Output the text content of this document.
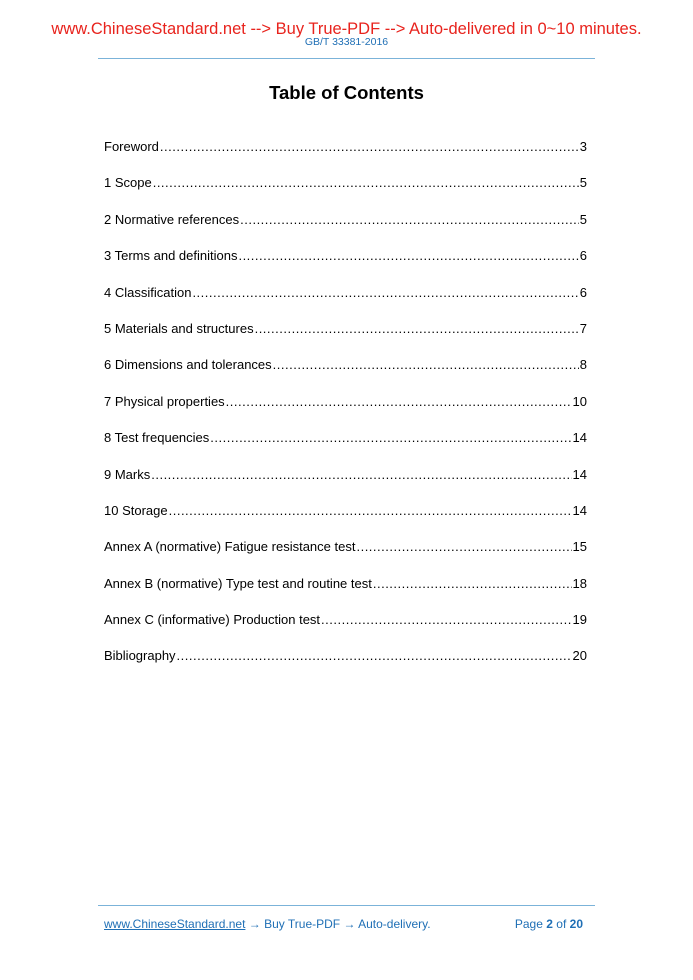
www.ChineseStandard.net --> Buy True-PDF --> Auto-delivered in 0~10 minutes.
GB/T 33381-2016
Table of Contents
Foreword .....	3
1 Scope .....	5
2 Normative references .....	5
3 Terms and definitions .....	6
4 Classification .....	6
5 Materials and structures .....	7
6 Dimensions and tolerances .....	8
7 Physical properties .....	10
8 Test frequencies .....	14
9 Marks .....	14
10 Storage .....	14
Annex A (normative) Fatigue resistance test .....	15
Annex B (normative) Type test and routine test .....	18
Annex C (informative) Production test .....	19
Bibliography .....	20
www.ChineseStandard.net → Buy True-PDF → Auto-delivery.	Page 2 of 20
